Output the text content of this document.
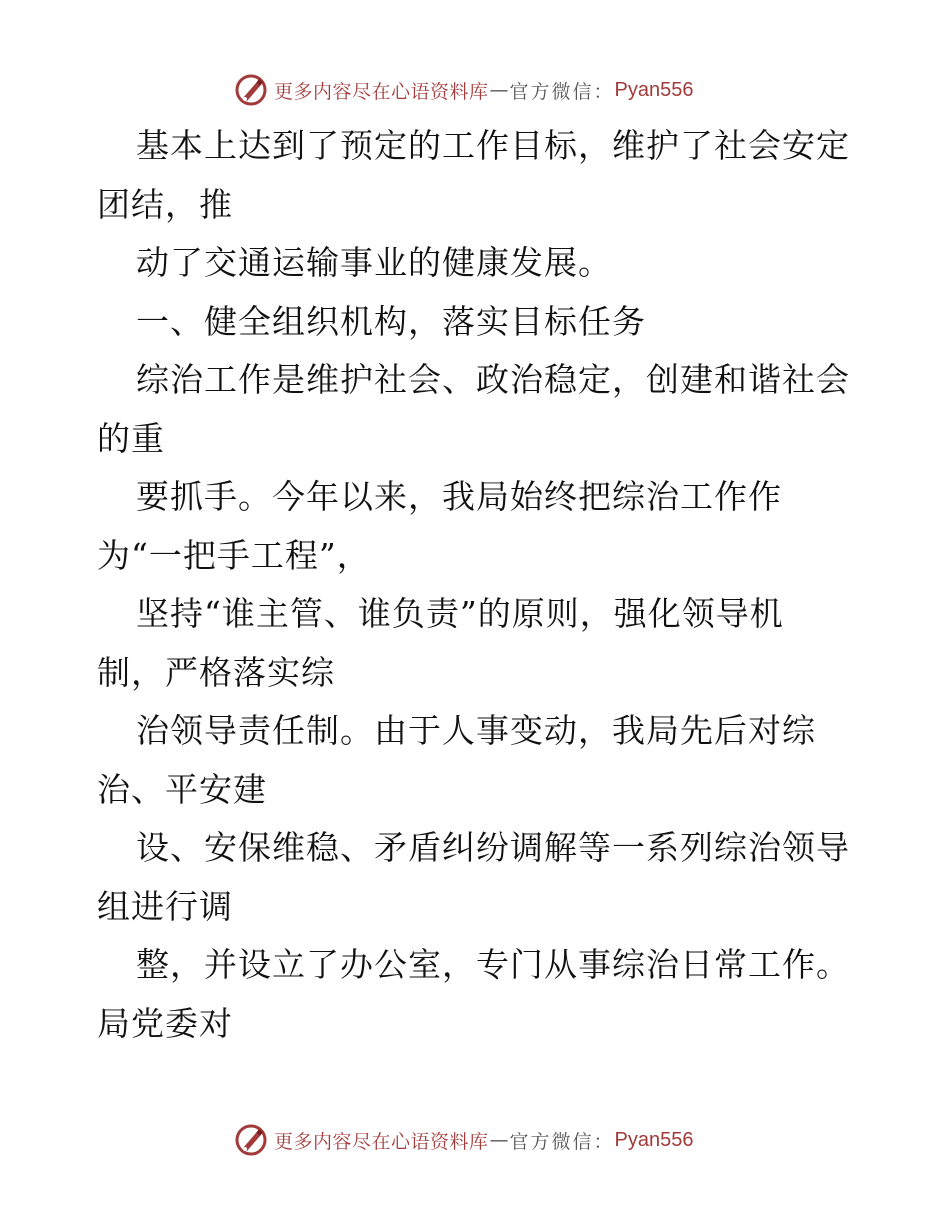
更多内容尽在心语资料库 — 官方微信： Pyan556
基本上达到了预定的工作目标，维护了社会安定
团结，推
动了交通运输事业的健康发展。
一、健全组织机构，落实目标任务
综治工作是维护社会、政治稳定，创建和谐社会
的重
要抓手。今年以来，我局始终把综治工作作
为“一把手工程”，
坚持“谁主管、谁负责”的原则，强化领导机
制，严格落实综
治领导责任制。由于人事变动，我局先后对综
治、平安建
设、安保维稳、矛盾纠纷调解等一系列综治领导
组进行调
整，并设立了办公室，专门从事综治日常工作。
局党委对
更多内容尽在心语资料库 — 官方微信： Pyan556
